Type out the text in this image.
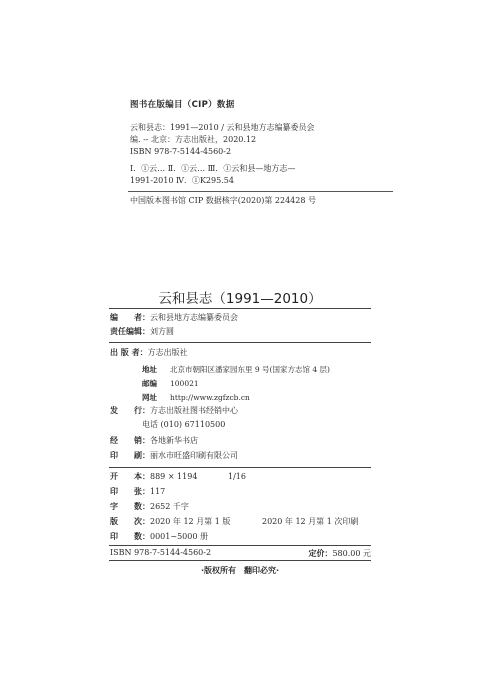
图书在版编目（CIP）数据
云和县志：1991—2010 / 云和县地方志编纂委员会
编. -- 北京：方志出版社，2020.12
ISBN 978-7-5144-4560-2
Ⅰ．①云… Ⅱ．①云… Ⅲ．①云和县—地方志—
1991-2010 Ⅳ．①K295.54
中国版本图书馆 CIP 数据核字(2020)第 224428 号
云和县志（1991—2010）
编　　者：云和县地方志编纂委员会
责任编辑：刘方圆
出 版 者：方志出版社
地址 北京市朝阳区潘家园东里 9 号(国家方志馆 4 层)
邮编 100021
网址 http://www.zgfzcb.cn
发　　行：方志出版社图书经销中心
电话 (010) 67110500
经　　销：各地新华书店
印　　刷：丽水市旺盛印刷有限公司
开　　本：889 × 1194	1/16
印　　张：117
字　　数：2652 千字
版　　次：2020 年 12 月第 1 版	2020 年 12 月第 1 次印刷
印　　数：0001~5000 册
ISBN 978-7-5144-4560-2	定价：580.00 元
·版权所有　翻印必究·
